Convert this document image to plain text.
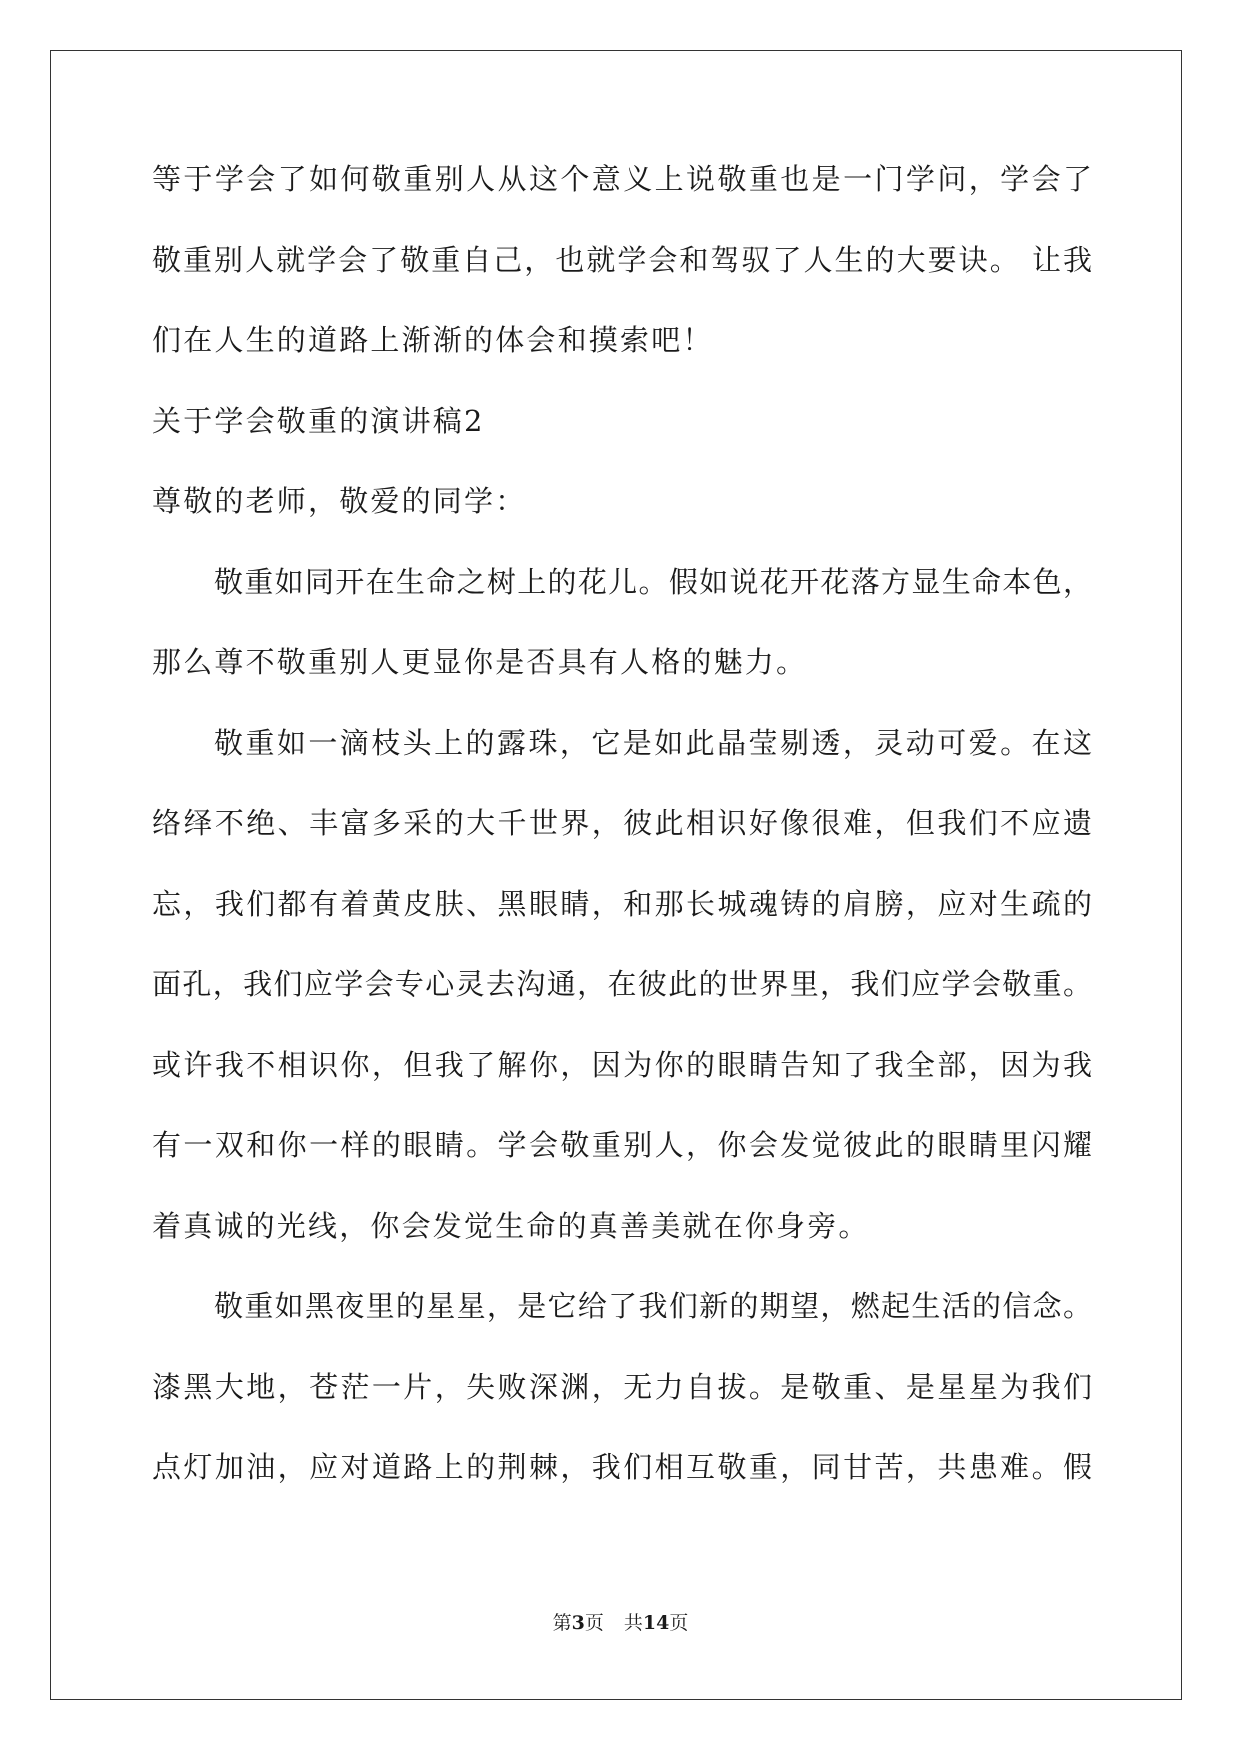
等于学会了如何敬重别人从这个意义上说敬重也是一门学问，学会了
敬重别人就学会了敬重自己，也就学会和驾驭了人生的大要诀。 让我
们在人生的道路上渐渐的体会和摸索吧！
关于学会敬重的演讲稿2
尊敬的老师，敬爱的同学：
敬重如同开在生命之树上的花儿。假如说花开花落方显生命本色，
那么尊不敬重别人更显你是否具有人格的魅力。
敬重如一滴枝头上的露珠，它是如此晶莹剔透，灵动可爱。在这
络绎不绝、丰富多采的大千世界，彼此相识好像很难，但我们不应遗
忘，我们都有着黄皮肤、黑眼睛，和那长城魂铸的肩膀，应对生疏的
面孔，我们应学会专心灵去沟通，在彼此的世界里，我们应学会敬重。
或许我不相识你，但我了解你，因为你的眼睛告知了我全部，因为我
有一双和你一样的眼睛。学会敬重别人，你会发觉彼此的眼睛里闪耀
着真诚的光线，你会发觉生命的真善美就在你身旁。
敬重如黑夜里的星星，是它给了我们新的期望，燃起生活的信念。
漆黑大地，苍茫一片，失败深渊，无力自拔。是敬重、是星星为我们
点灯加油，应对道路上的荆棘，我们相互敬重，同甘苦，共患难。假
第3页 共14页
